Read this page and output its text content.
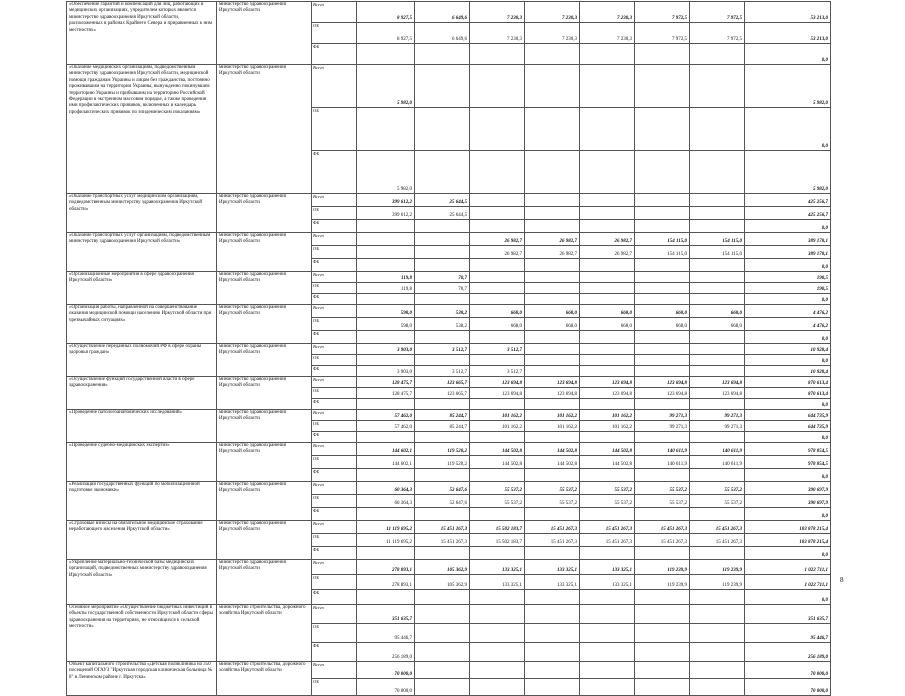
«Обеспечение гарантий и компенсаций для лиц, работающих в медицинских организациях, учредителем которых является министерство здравоохранения Иркутской области, расположенных в районах Крайнего Севера и приравненных к ним местностях»	министерство здравоохранения Иркутской области	Всего	8 927,5	6 649,6	7 230,3	7 230,3	7 230,3	7 972,5	7 972,5	53 213,0
		ОБ	8 927,5	6 649,6	7 230,3	7 230,3	7 230,3	7 972,5	7 972,5	53 213,0
		ФБ								0,0
«Оказание медицинских организациям, подведомственным министерству здравоохранения Иркутской области, медицинской помощи гражданам Украины и лицам без гражданства, постоянно проживавшим на территории Украины, вынужденно покинувшим территорию Украины и прибывшим на территорию Российской Федерации в экстренном массовом порядке, а также проведения ими профилактических прививок, включенных в календарь профилактических прививок по эпидемическим показаниям»	министерство здравоохранения Иркутской области	Всего	5 982,0							5 982,0
		ОБ								0,0
		ФБ	5 982,0							5 982,0
«Оказание транспортных услуг медицинским организациям, подведомственным министерству здравоохранения Иркутской области»	министерство здравоохранения Иркутской области	Всего	399 612,2	25 644,5						425 256,7
		ОБ	399 612,2	25 644,5						425 256,7
		ФБ								0,0
«Оказание транспортных услуг организациям, подведомственным министерству здравоохранения Иркутской области»	министерство здравоохранения Иркутской области	Всего			26 982,7	26 982,7	26 982,7	154 115,0	154 115,0	389 178,1
		ОБ			26 982,7	26 982,7	26 982,7	154 115,0	154 115,0	389 178,1
		ФБ								0,0
«Организационные мероприятия в сфере здравоохранения Иркутской области»	министерство здравоохранения Иркутской области	Всего	119,8	70,7						190,5
		ОБ	119,8	70,7						190,5
		ФБ								0,0
«Организация работы, направленной на совершенствование оказания медицинской помощи населению Иркутской области при чрезвычайных ситуациях»	министерство здравоохранения Иркутской области	Всего	598,0	538,2	668,0	668,0	668,0	668,0	668,0	4 476,2
		ОБ	598,0	538,2	668,0	668,0	668,0	668,0	668,0	4 476,2
		ФБ								0,0
«Осуществление переданных полномочий РФ в сфере охраны здоровья граждан»	министерство здравоохранения Иркутской области	Всего	3 903,0	3 512,7	3 512,7					10 928,4
		ОБ								0,0
		ФБ	3 903,0	3 512,7	3 512,7					10 928,4
«Осуществление функций государственной власти в сфере здравоохранения»	министерство здравоохранения Иркутской области	Всего	128 475,7	123 665,7	123 694,8	123 694,8	123 694,8	123 694,8	123 694,8	870 613,4
		ОБ	128 475,7	123 665,7	123 694,8	123 694,8	123 694,8	123 694,8	123 694,8	870 613,4
		ФБ								0,0
«Проведение патологоанатомических исследований»	министерство здравоохранения Иркутской области	Всего	57 462,0	85 244,7	101 162,2	101 162,2	101 162,2	99 271,3	99 271,3	644 735,9
		ОБ	57 462,0	85 244,7	101 162,2	101 162,2	101 162,2	99 271,3	99 271,3	644 735,9
		ФБ								0,0
«Проведение судебно-медицинских экспертиз»	министерство здравоохранения Иркутской области	Всего	144 602,1	119 520,2	144 502,8	144 502,8	144 502,8	140 611,9	140 611,9	978 854,5
		ОБ	144 602,1	119 520,2	144 502,8	144 502,8	144 502,8	140 611,9	140 611,9	978 854,5
		ФБ								0,0
«Реализация государственных функций по мобилизационной подготовке экономики»	министерство здравоохранения Иркутской области	Всего	60 364,3	52 647,6	55 537,2	55 537,2	55 537,2	55 537,2	55 537,2	390 697,9
		ОБ	60 364,3	52 647,6	55 537,2	55 537,2	55 537,2	55 537,2	55 537,2	390 697,9
		ФБ								0,0
«Страховые взносы на обязательное медицинское страхование неработающего населения Иркутской области»	министерство здравоохранения Иркутской области	Всего	11 119 695,2	15 451 267,3	15 502 183,7	15 451 267,3	15 451 267,3	15 451 267,3	15 451 267,3	103 878 215,4
		ОБ	11 119 695,2	15 451 267,3	15 502 183,7	15 451 267,3	15 451 267,3	15 451 267,3	15 451 267,3	103 878 215,4
		ФБ								0,0
«Укрепление материально-технической базы медицинских организаций, подведомственных министерству здравоохранения Иркутской области»	министерство здравоохранения Иркутской области	Всего	278 893,1	105 362,9	133 325,1	133 325,1	133 325,1	119 239,9	119 239,9	1 022 711,1
		ОБ	278 893,1	105 362,9	133 325,1	133 325,1	133 325,1	119 239,9	119 239,9	1 022 711,1
		ФБ								0,0
Основное мероприятие «Осуществление бюджетных инвестиций в объекты государственной собственности Иркутской области сферы здравоохранения на территориях, не относящихся к сельской местности»	министерство строительства, дорожного хозяйства Иркутской области	Всего	351 635,7							351 635,7
		ОБ	95 446,7							95 446,7
		ФБ	256 189,0							256 189,0
Объект капитального строительства «Детская поликлиника на 350 посещений ОГАУЗ "Иркутская городская клиническая больница № 8" в Ленинском районе г. Иркутска»	министерство строительства, дорожного хозяйства Иркутской области	Всего	70 000,0							70 000,0
		ОБ	70 000,0							70 000,0
8
